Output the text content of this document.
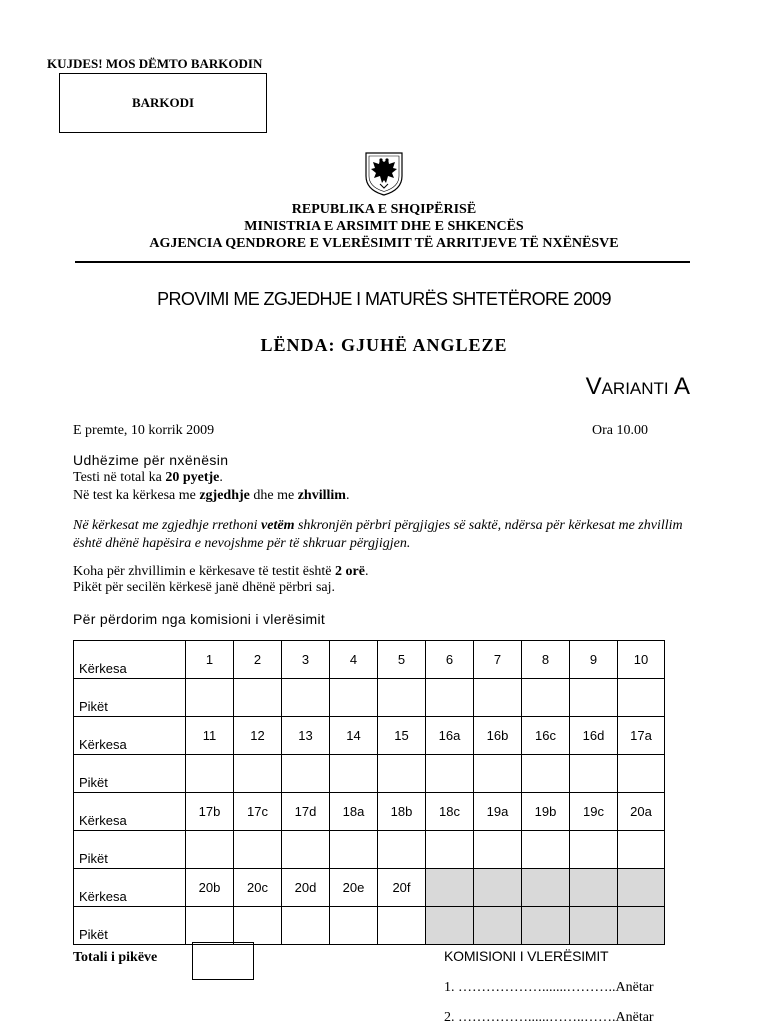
KUJDES! MOS DËMTO BARKODIN
BARKODI
REPUBLIKA E SHQIPËRISË
MINISTRIA E ARSIMIT DHE E SHKENCËS
AGJENCIA QENDRORE E VLERËSIMIT TË ARRITJEVE TË NXËNËSVE
PROVIMI ME ZGJEDHJE I MATURËS SHTETËRORE 2009
LËNDA: GJUHË ANGLEZE
Varianti A
E premte, 10 korrik 2009	Ora 10.00
Udhëzime për nxënësin
Testi në total ka 20 pyetje.
Në test ka kërkesa me zgjedhje dhe me zhvillim.
Në kërkesat me zgjedhje rrethoni vetëm shkronjën përbri përgjigjes së saktë, ndërsa për kërkesat me zhvillim është dhënë hapësira e nevojshme për të shkruar përgjigjen.
Koha për zhvillimin e kërkesave të testit është 2 orë.
Pikët për secilën kërkesë janë dhënë përbri saj.
Për përdorim nga komisioni i vlerësimit
Kërkesa	1	2	3	4	5	6	7	8	9	10
Pikët										
Kërkesa	11	12	13	14	15	16a	16b	16c	16d	17a
Pikët										
Kërkesa	17b	17c	17d	18a	18b	18c	19a	19b	19c	20a
Pikët										
Kërkesa	20b	20c	20d	20e	20f					
Pikët										
Totali i pikëve	KOMISIONI I VLERËSIMIT
1. ……………….......………..Anëtar
2. ……………......……..…….Anëtar
